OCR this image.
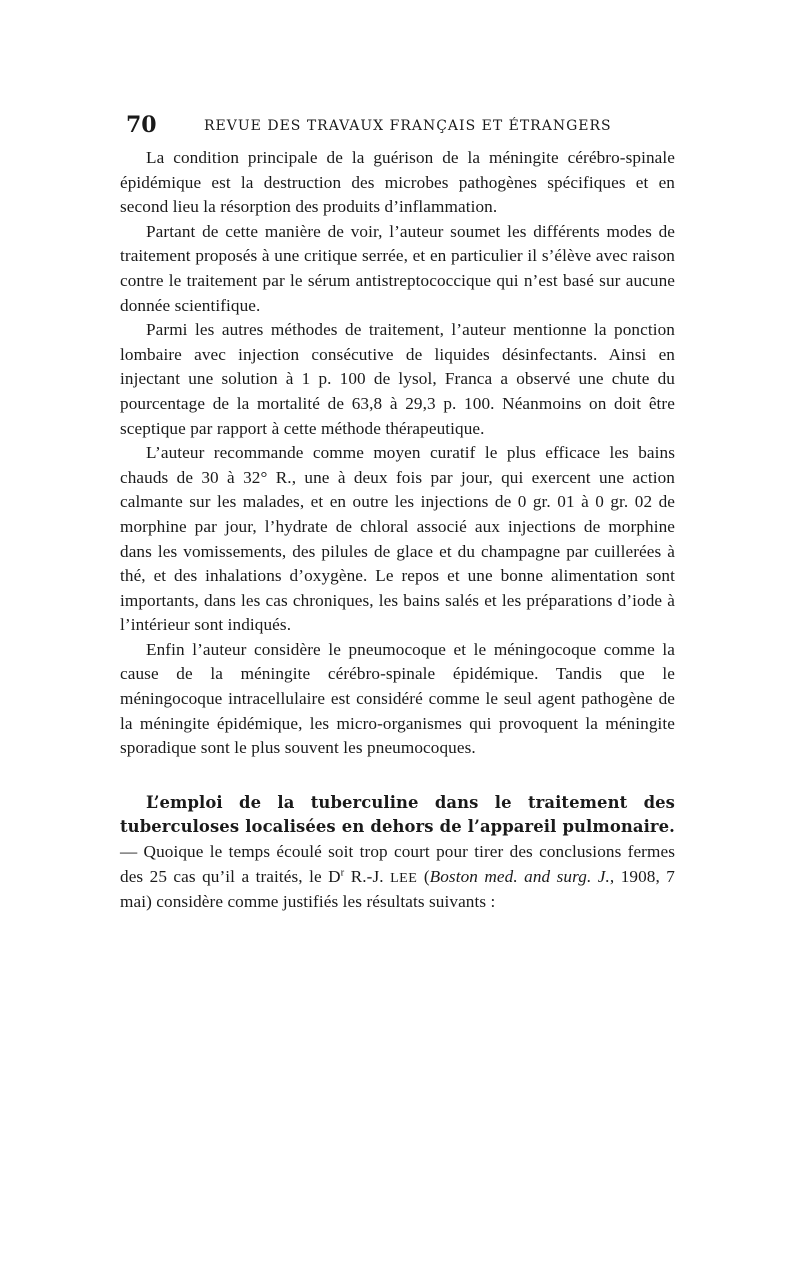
70	REVUE DES TRAVAUX FRANÇAIS ET ÉTRANGERS

La condition principale de la guérison de la méningite cérébro-spinale épidémique est la destruction des microbes pathogènes spécifiques et en second lieu la résorption des produits d’inflammation.

Partant de cette manière de voir, l’auteur soumet les différents modes de traitement proposés à une critique serrée, et en particulier il s’élève avec raison contre le traitement par le sérum antistreptococcique qui n’est basé sur aucune donnée scientifique.

Parmi les autres méthodes de traitement, l’auteur mentionne la ponction lombaire avec injection consécutive de liquides désinfectants. Ainsi en injectant une solution à 1 p. 100 de lysol, Franca a observé une chute du pourcentage de la mortalité de 63,8 à 29,3 p. 100. Néanmoins on doit être sceptique par rapport à cette méthode thérapeutique.

L’auteur recommande comme moyen curatif le plus efficace les bains chauds de 30 à 32° R., une à deux fois par jour, qui exercent une action calmante sur les malades, et en outre les injections de 0 gr. 01 à 0 gr. 02 de morphine par jour, l’hydrate de chloral associé aux injections de morphine dans les vomissements, des pilules de glace et du champagne par cuillerées à thé, et des inhalations d’oxygène. Le repos et une bonne alimentation sont importants, dans les cas chroniques, les bains salés et les préparations d’iode à l’intérieur sont indiqués.

Enfin l’auteur considère le pneumocoque et le méningocoque comme la cause de la méningite cérébro-spinale épidémique. Tandis que le méningocoque intracellulaire est considéré comme le seul agent pathogène de la méningite épidémique, les micro-organismes qui provoquent la méningite sporadique sont le plus souvent les pneumocoques.

L’emploi de la tuberculine dans le traitement des tuberculoses localisées en dehors de l’appareil pulmonaire. — Quoique le temps écoulé soit trop court pour tirer des conclusions fermes des 25 cas qu’il a traités, le $D^r$ R.-J. LEE (Boston med. and surg. J., 1908, 7 mai) considère comme justifiés les résultats suivants :
